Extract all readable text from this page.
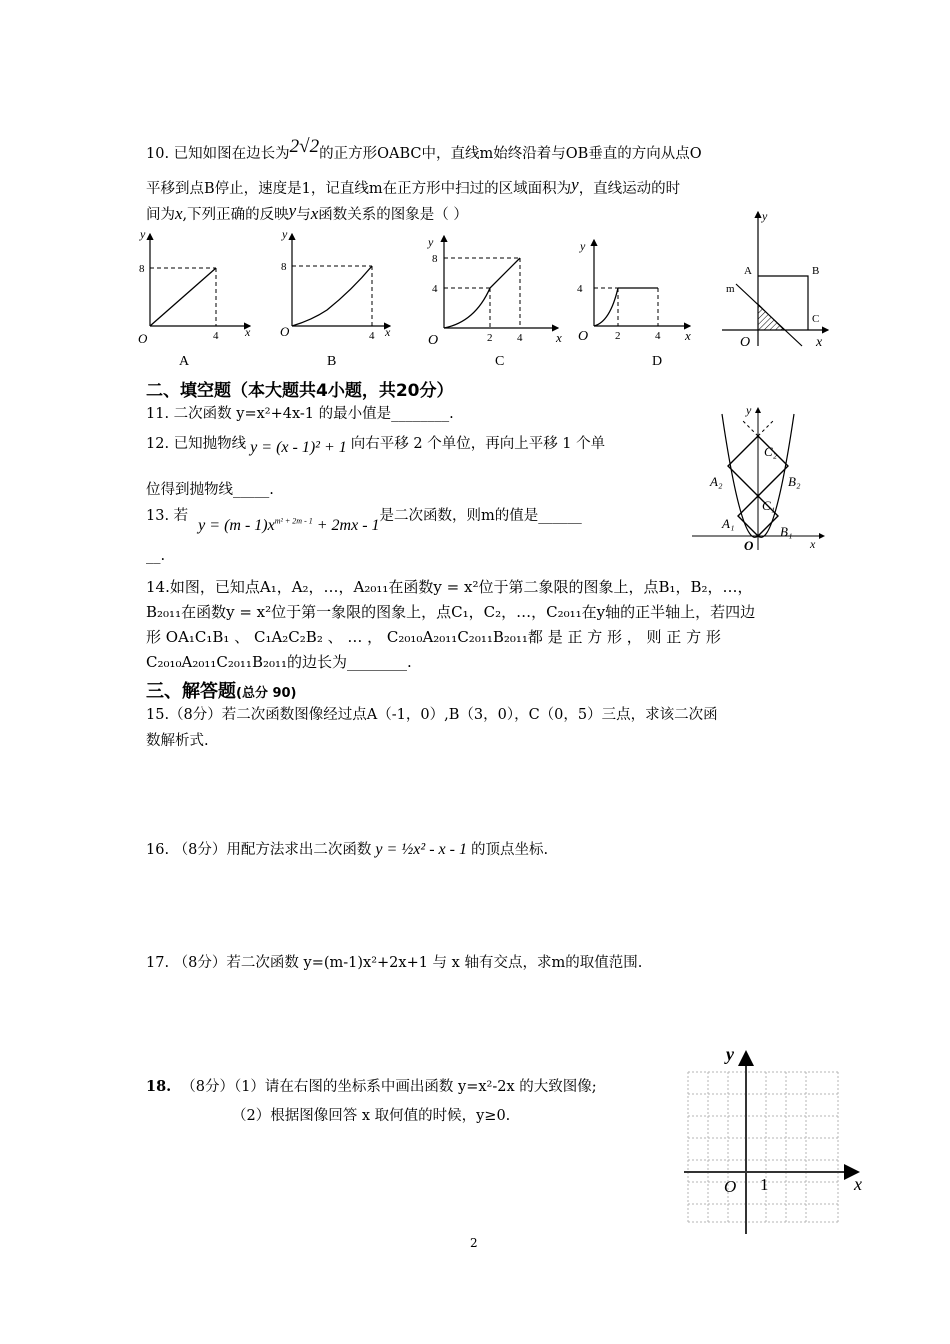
10. 已知如图在边长为2√2的正方形OABC中，直线m始终沿着与OB垂直的方向从点O
平移到点B停止，速度是1，记直线m在正方形中扫过的区域面积为y，直线运动的时
间为x,下列正确的反映y与x函数关系的图象是（ ）
y
x
O
8
4
A
y
x
O
8
4
B
y
x
O
8
4
2 4
C
y
x
O
4
2	4
D
y
x
O
A	B
C
m
二、填空题（本大题共4小题，共20分）
11. 二次函数 y=x²+4x-1 的最小值是________.
12. 已知抛物线 y = (x - 1)² + 1 向右平移 2 个单位，再向上平移 1 个单
位得到抛物线_____.
13. 若$y = (m - 1)x^{m^2 + 2m - 1} + 2mx - 1$是二次函数，则m的值是______
__.
y
x
O
A₁
B₁
C₁
A₂	B₂
C₂
14.如图，已知点A₁，A₂，…，A₂₀₁₁在函数y = x²位于第二象限的图象上，点B₁，B₂，…，
B₂₀₁₁在函数y = x²位于第一象限的图象上，点C₁，C₂，…，C₂₀₁₁在y轴的正半轴上，若四边
形 OA₁C₁B₁ 、 C₁A₂C₂B₂ 、 … ， C₂₀₁₀A₂₀₁₁C₂₀₁₁B₂₀₁₁都 是 正 方 形 ， 则 正 方 形
C₂₀₁₀A₂₀₁₁C₂₀₁₁B₂₀₁₁的边长为________.
三、解答题(总分 90)
15.（8分）若二次函数图像经过点A（-1，0）,B（3，0），C（0，5）三点，求该二次函
数解析式.
16. （8分）用配方法求出二次函数 y = ½x² - x - 1 的顶点坐标.
17. （8分）若二次函数 y=(m-1)x²+2x+1 与 x 轴有交点，求m的取值范围.
18. （8分）（1）请在右图的坐标系中画出函数 y=x²-2x 的大致图像;
（2）根据图像回答 x 取何值的时候，y≥0.
y
x
O 1
2
